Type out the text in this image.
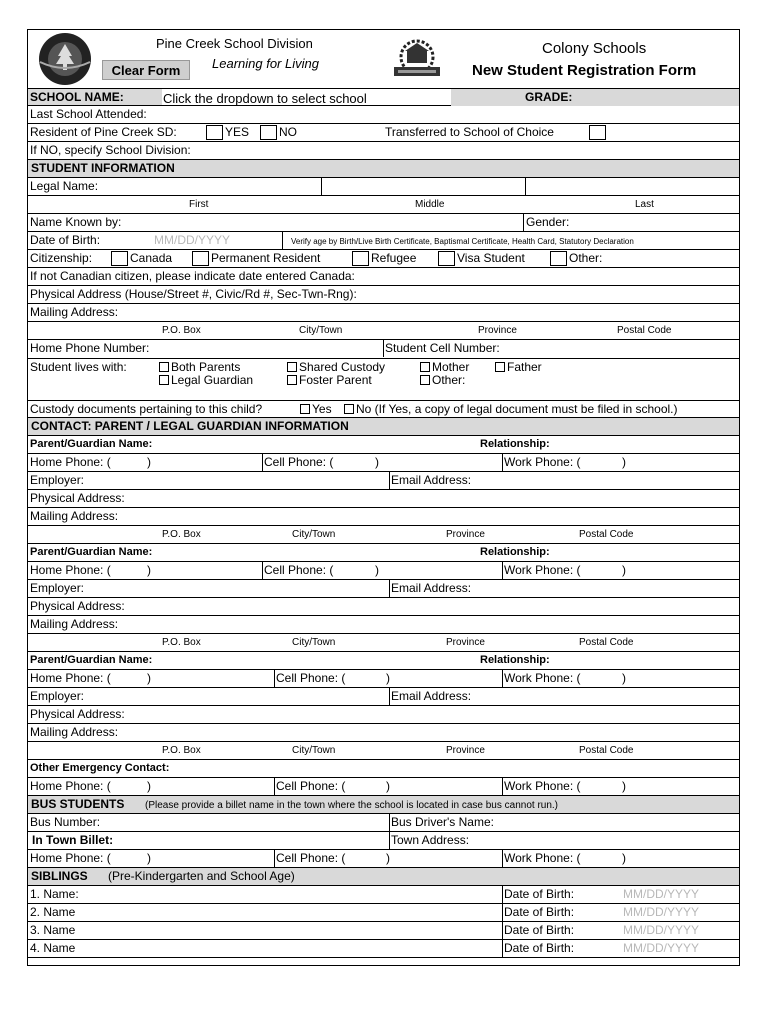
Pine Creek School Division
Learning for Living
Clear Form
Colony Schools
New Student Registration Form
SCHOOL NAME:	Click the dropdown to select school	GRADE:
Last School Attended:
Resident of Pine Creek SD:	YES NO	Transferred to School of Choice
If NO, specify School Division:
STUDENT INFORMATION
Legal Name:
First	Middle	Last
Name Known by:	Gender:
Date of Birth:	MM/DD/YYYY	Verify age by Birth/Live Birth Certificate, Baptismal Certificate, Health Card, Statutory Declaration
Citizenship:	Canada	Permanent Resident	Refugee	Visa Student	Other:
If not Canadian citizen, please indicate date entered Canada:
Physical Address (House/Street #, Civic/Rd #, Sec-Twn-Rng):
Mailing Address:
P.O. Box	City/Town	Province	Postal Code
Home Phone Number:	Student Cell Number:
Student lives with:	Both Parents	Shared Custody	Mother	Father
Legal Guardian	Foster Parent	Other:
Custody documents pertaining to this child?	Yes	No (If Yes, a copy of legal document must be filed in school.)
CONTACT: PARENT / LEGAL GUARDIAN INFORMATION
Parent/Guardian Name:	Relationship:
Home Phone: (	)	Cell Phone: (	)	Work Phone: (	)
Employer:	Email Address:
Physical Address:
Mailing Address:
P.O. Box	City/Town	Province	Postal Code
Parent/Guardian Name:	Relationship:
Home Phone: (	)	Cell Phone: (	)	Work Phone: (	)
Employer:	Email Address:
Physical Address:
Mailing Address:
P.O. Box	City/Town	Province	Postal Code
Parent/Guardian Name:	Relationship:
Home Phone: (	)	Cell Phone: (	)	Work Phone: (	)
Employer:	Email Address:
Physical Address:
Mailing Address:
P.O. Box	City/Town	Province	Postal Code
Other Emergency Contact:
Home Phone: (	)	Cell Phone: (	)	Work Phone: (	)
BUS STUDENTS (Please provide a billet name in the town where the school is located in case bus cannot run.)
Bus Number:	Bus Driver's Name:
In Town Billet:	Town Address:
Home Phone: (	)	Cell Phone: (	)	Work Phone: (	)
SIBLINGS (Pre-Kindergarten and School Age)
1. Name:	Date of Birth:	MM/DD/YYYY
2. Name	Date of Birth:	MM/DD/YYYY
3. Name	Date of Birth:	MM/DD/YYYY
4. Name	Date of Birth:	MM/DD/YYYY
